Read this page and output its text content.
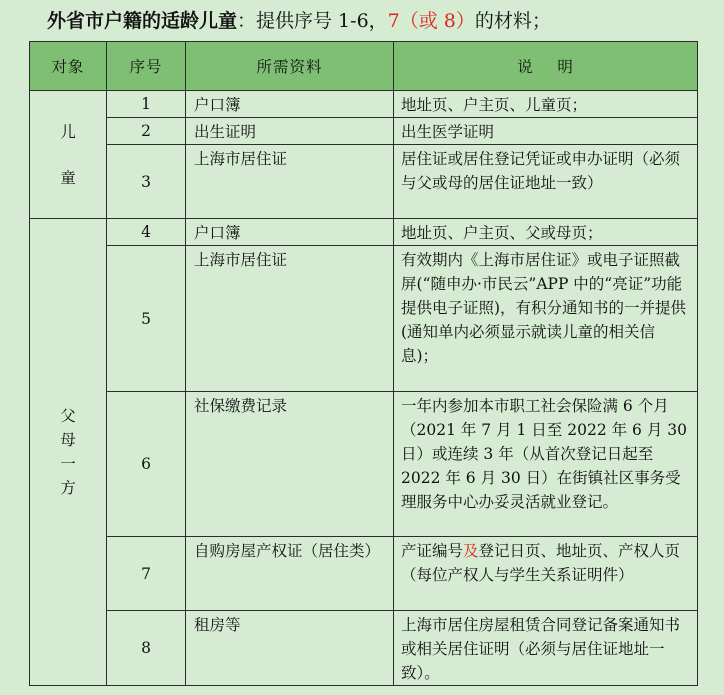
外省市户籍的适龄儿童：提供序号 1-6，7（或 8）的材料；
对象	序号	所需资料	说    明
儿童	1	户口簿	地址页、户主页、儿童页；
	2	出生证明	出生医学证明
	3	上海市居住证	居住证或居住登记凭证或申办证明（必须与父或母的居住证地址一致）
父母一方	4	户口簿	地址页、户主页、父或母页；
	5	上海市居住证	有效期内《上海市居住证》或电子证照截屏(“随申办·市民云”APP 中的“亮证”功能提供电子证照)，有积分通知书的一并提供(通知单内必须显示就读儿童的相关信息)；
	6	社保缴费记录	一年内参加本市职工社会保险满 6 个月（2021 年 7 月 1 日至 2022 年 6 月 30 日）或连续 3 年（从首次登记日起至 2022 年 6 月 30 日）在街镇社区事务受理服务中心办妥灵活就业登记。
	7	自购房屋产权证（居住类）	产证编号及登记日页、地址页、产权人页（每位产权人与学生关系证明件）
	8	租房等	上海市居住房屋租赁合同登记备案通知书或相关居住证明（必须与居住证地址一致）。
